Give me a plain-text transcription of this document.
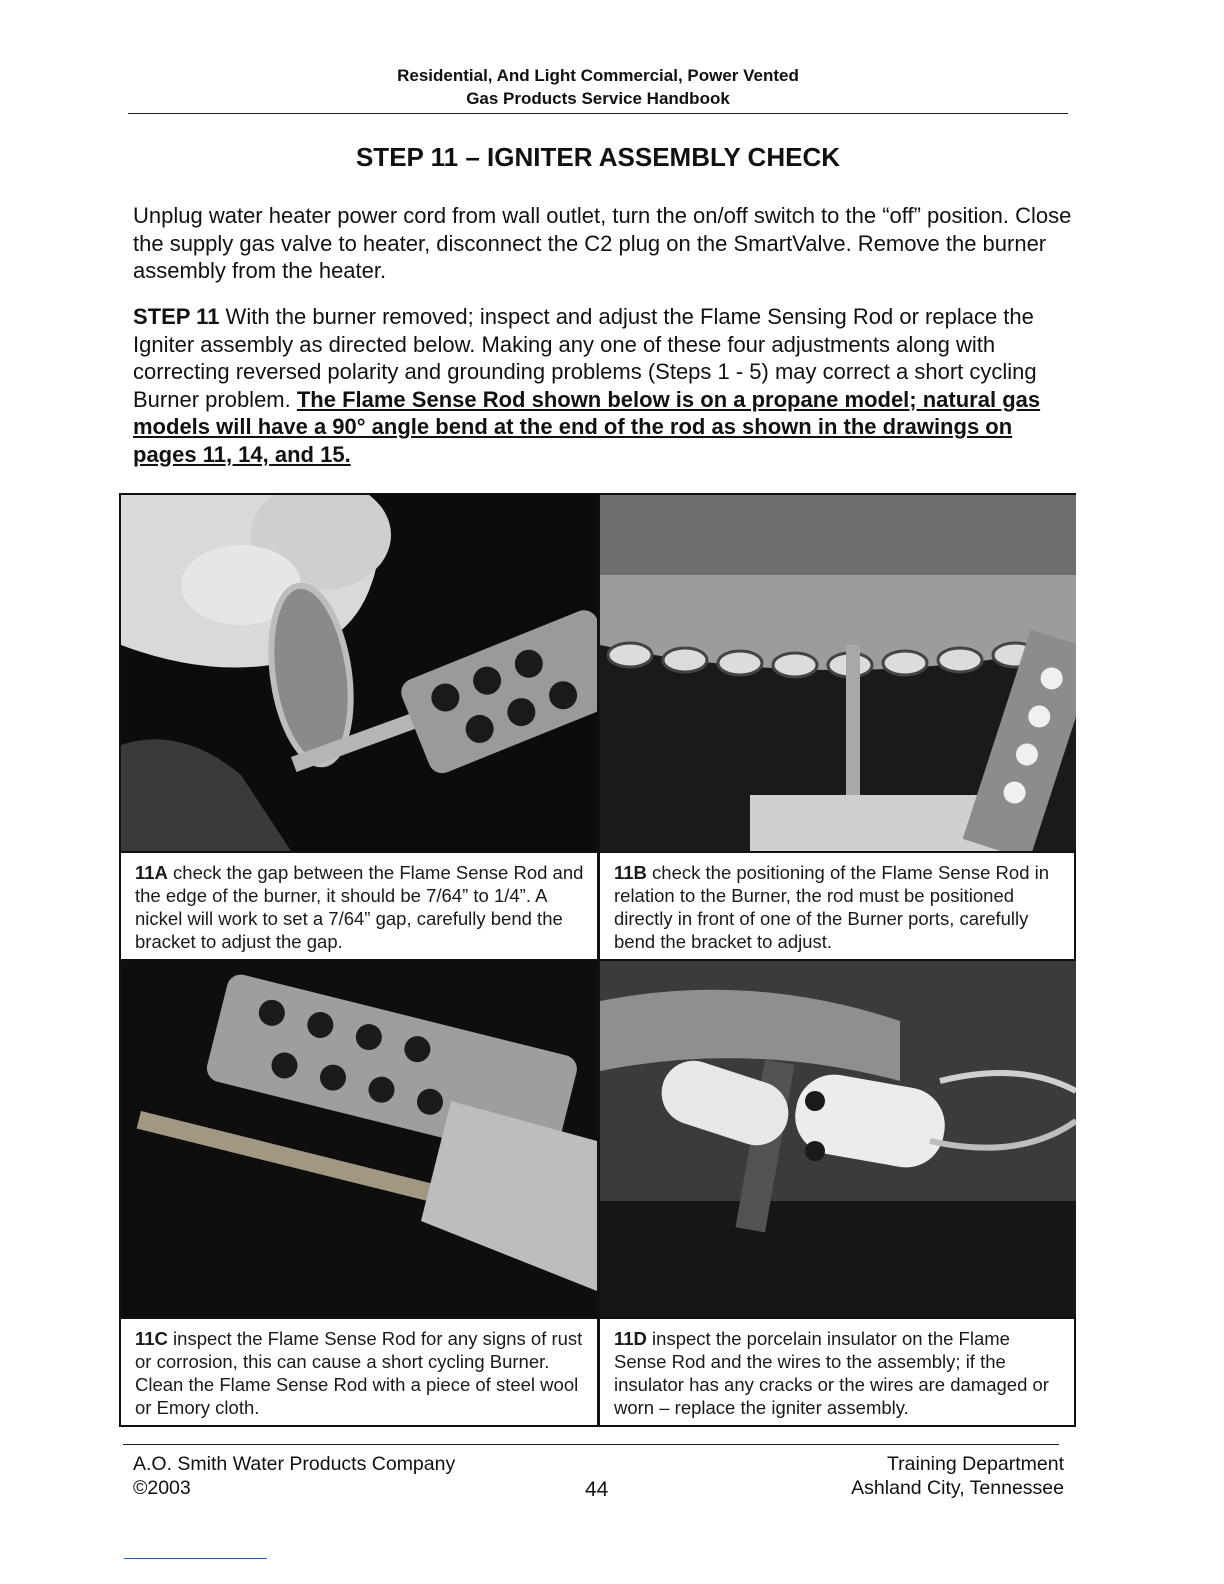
Residential, And Light Commercial, Power Vented
Gas Products Service Handbook
STEP 11 – IGNITER ASSEMBLY CHECK
Unplug water heater power cord from wall outlet, turn the on/off switch to the “off” position. Close the supply gas valve to heater, disconnect the C2 plug on the SmartValve. Remove the burner assembly from the heater.
STEP 11 With the burner removed; inspect and adjust the Flame Sensing Rod or replace the Igniter assembly as directed below. Making any one of these four adjustments along with correcting reversed polarity and grounding problems (Steps 1 - 5) may correct a short cycling Burner problem. The Flame Sense Rod shown below is on a propane model; natural gas models will have a 90° angle bend at the end of the rod as shown in the drawings on pages 11, 14, and 15.
11A check the gap between the Flame Sense Rod and the edge of the burner, it should be 7/64” to 1/4”. A nickel will work to set a 7/64” gap, carefully bend the bracket to adjust the gap.
11B check the positioning of the Flame Sense Rod in relation to the Burner, the rod must be positioned directly in front of one of the Burner ports, carefully bend the bracket to adjust.
11C inspect the Flame Sense Rod for any signs of rust or corrosion, this can cause a short cycling Burner. Clean the Flame Sense Rod with a piece of steel wool or Emory cloth.
11D inspect the porcelain insulator on the Flame Sense Rod and the wires to the assembly; if the insulator has any cracks or the wires are damaged or worn – replace the igniter assembly.
A.O. Smith Water Products Company
©2003	44
Training Department
Ashland City, Tennessee
